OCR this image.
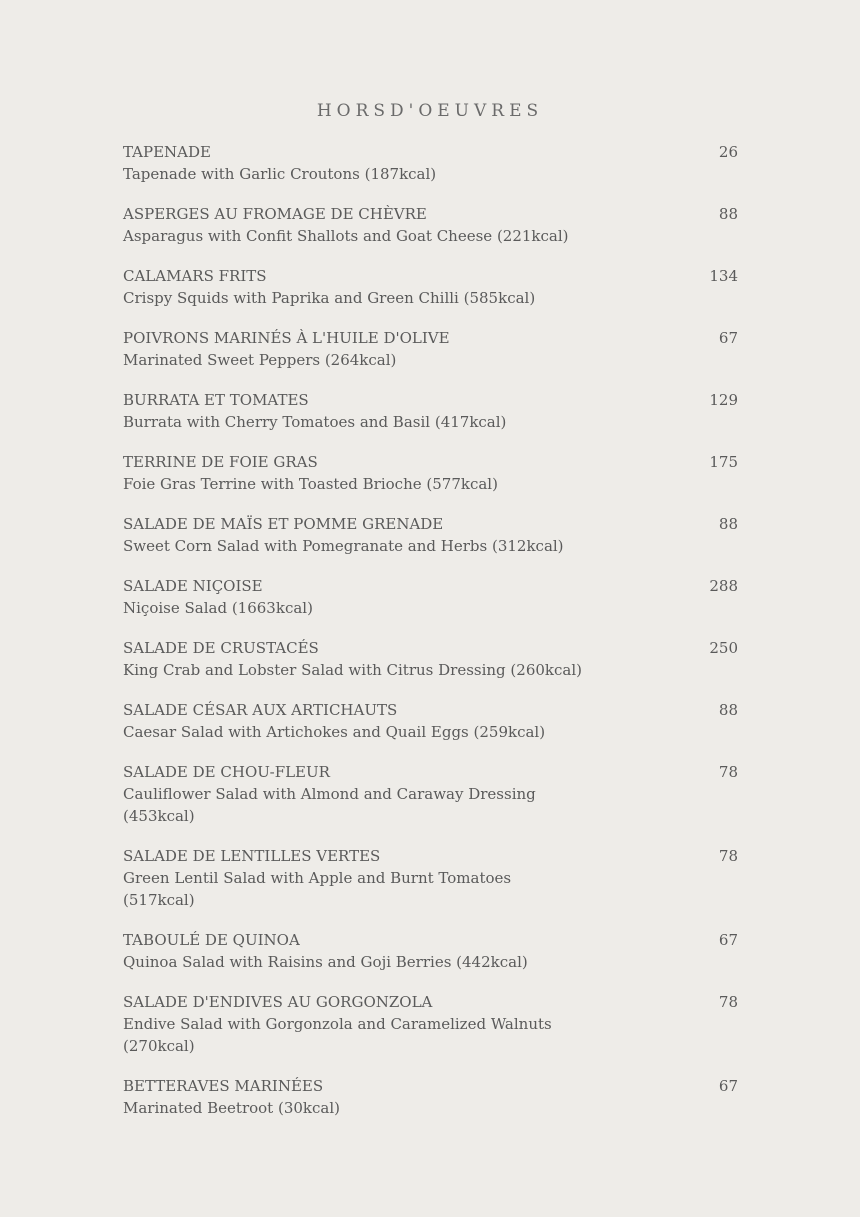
HORSD'OEUVRES
TAPENADE
Tapenade with Garlic Croutons (187kcal)
26
ASPERGES AU FROMAGE DE CHÈVRE
Asparagus with Confit Shallots and Goat Cheese (221kcal)
88
CALAMARS FRITS
Crispy Squids with Paprika and Green Chilli (585kcal)
134
POIVRONS MARINÉS À L'HUILE D'OLIVE
Marinated Sweet Peppers (264kcal)
67
BURRATA ET TOMATES
Burrata with Cherry Tomatoes and Basil (417kcal)
129
TERRINE DE FOIE GRAS
Foie Gras Terrine with Toasted Brioche (577kcal)
175
SALADE DE MAÏS ET POMME GRENADE
Sweet Corn Salad with Pomegranate and Herbs (312kcal)
88
SALADE NIÇOISE
Niçoise Salad (1663kcal)
288
SALADE DE CRUSTACÉS
King Crab and Lobster Salad with Citrus Dressing (260kcal)
250
SALADE CÉSAR AUX ARTICHAUTS
Caesar Salad with Artichokes and Quail Eggs (259kcal)
88
SALADE DE CHOU-FLEUR
Cauliflower Salad with Almond and Caraway Dressing (453kcal)
78
SALADE DE LENTILLES VERTES
Green Lentil Salad with Apple and Burnt Tomatoes (517kcal)
78
TABOULÉ DE QUINOA
Quinoa Salad with Raisins and Goji Berries (442kcal)
67
SALADE D'ENDIVES AU GORGONZOLA
Endive Salad with Gorgonzola and Caramelized Walnuts (270kcal)
78
BETTERAVES MARINÉES
Marinated Beetroot (30kcal)
67
